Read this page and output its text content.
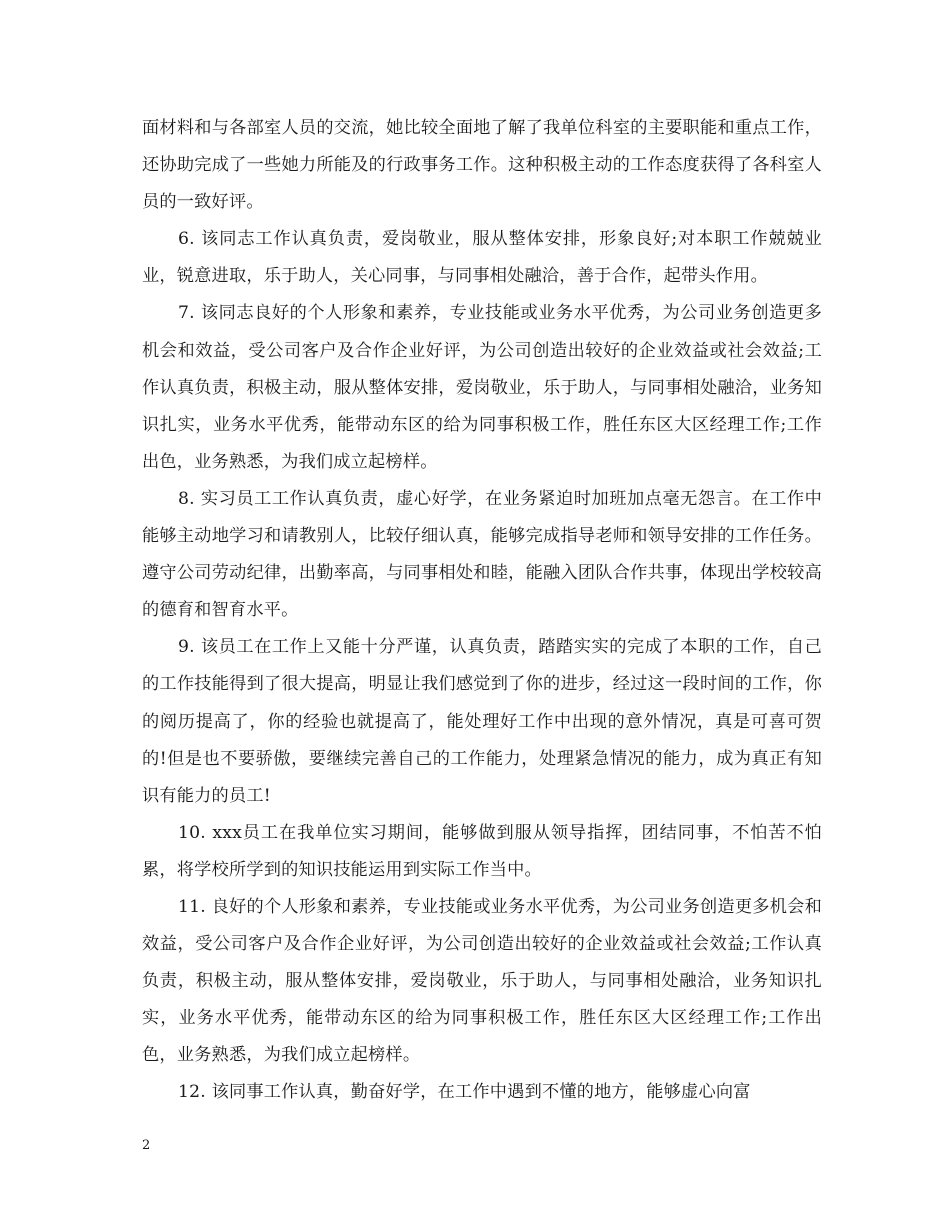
面材料和与各部室人员的交流，她比较全面地了解了我单位科室的主要职能和重点工作，还协助完成了一些她力所能及的行政事务工作。这种积极主动的工作态度获得了各科室人员的一致好评。

6. 该同志工作认真负责，爱岗敬业，服从整体安排，形象良好;对本职工作兢兢业业，锐意进取，乐于助人，关心同事，与同事相处融洽，善于合作，起带头作用。

7. 该同志良好的个人形象和素养，专业技能或业务水平优秀，为公司业务创造更多机会和效益，受公司客户及合作企业好评，为公司创造出较好的企业效益或社会效益;工作认真负责，积极主动，服从整体安排，爱岗敬业，乐于助人，与同事相处融洽，业务知识扎实，业务水平优秀，能带动东区的给为同事积极工作，胜任东区大区经理工作;工作出色，业务熟悉，为我们成立起榜样。

8. 实习员工工作认真负责，虚心好学，在业务紧迫时加班加点毫无怨言。在工作中能够主动地学习和请教别人，比较仔细认真，能够完成指导老师和领导安排的工作任务。遵守公司劳动纪律，出勤率高，与同事相处和睦，能融入团队合作共事，体现出学校较高的德育和智育水平。

9. 该员工在工作上又能十分严谨，认真负责，踏踏实实的完成了本职的工作，自己的工作技能得到了很大提高，明显让我们感觉到了你的进步，经过这一段时间的工作，你的阅历提高了，你的经验也就提高了，能处理好工作中出现的意外情况，真是可喜可贺的!但是也不要骄傲，要继续完善自己的工作能力，处理紧急情况的能力，成为真正有知识有能力的员工!

10. xxx员工在我单位实习期间，能够做到服从领导指挥，团结同事，不怕苦不怕累，将学校所学到的知识技能运用到实际工作当中。

11. 良好的个人形象和素养，专业技能或业务水平优秀，为公司业务创造更多机会和效益，受公司客户及合作企业好评，为公司创造出较好的企业效益或社会效益;工作认真负责，积极主动，服从整体安排，爱岗敬业，乐于助人，与同事相处融洽，业务知识扎实，业务水平优秀，能带动东区的给为同事积极工作，胜任东区大区经理工作;工作出色，业务熟悉，为我们成立起榜样。

12. 该同事工作认真，勤奋好学，在工作中遇到不懂的地方，能够虚心向富

2
